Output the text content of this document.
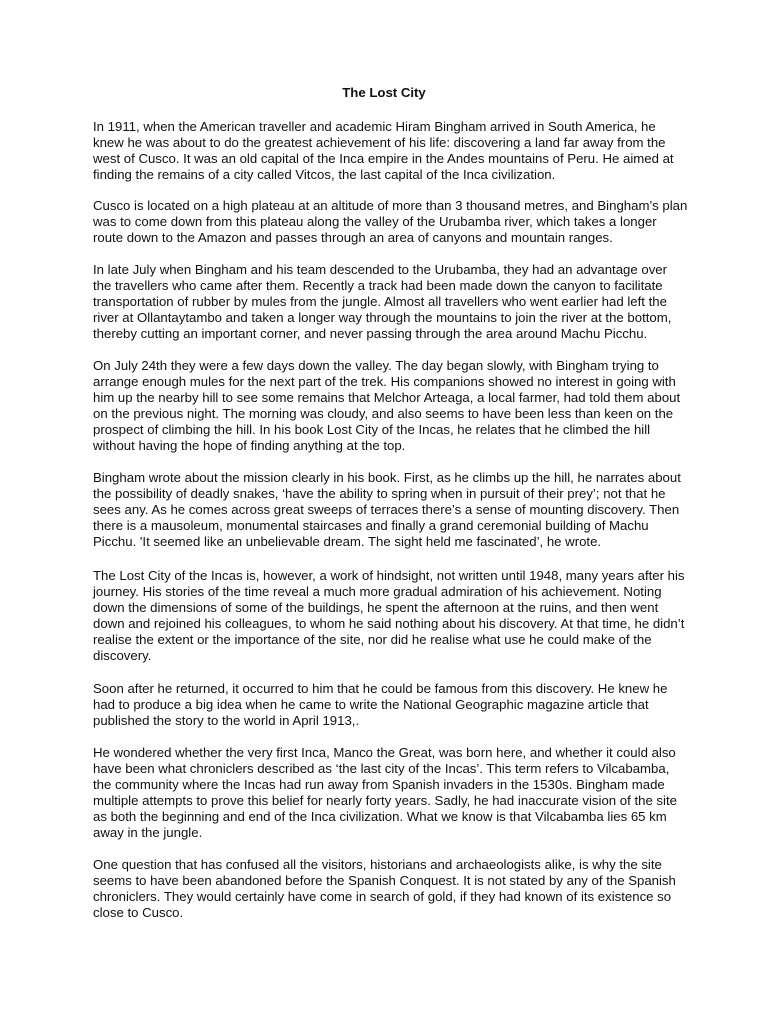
The Lost City

In 1911, when the American traveller and academic Hiram Bingham arrived in South America, he
knew he was about to do the greatest achievement of his life: discovering a land far away from the
west of Cusco. It was an old capital of the Inca empire in the Andes mountains of Peru. He aimed at
finding the remains of a city called Vitcos, the last capital of the Inca civilization.

Cusco is located on a high plateau at an altitude of more than 3 thousand metres, and Bingham’s plan
was to come down from this plateau along the valley of the Urubamba river, which takes a longer
route down to the Amazon and passes through an area of canyons and mountain ranges.

In late July when Bingham and his team descended to the Urubamba, they had an advantage over
the travellers who came after them. Recently a track had been made down the canyon to facilitate
transportation of rubber by mules from the jungle. Almost all travellers who went earlier had left the
river at Ollantaytambo and taken a longer way through the mountains to join the river at the bottom,
thereby cutting an important corner, and never passing through the area around Machu Picchu.

On July 24th they were a few days down the valley. The day began slowly, with Bingham trying to
arrange enough mules for the next part of the trek. His companions showed no interest in going with
him up the nearby hill to see some remains that Melchor Arteaga, a local farmer, had told them about
on the previous night. The morning was cloudy, and also seems to have been less than keen on the
prospect of climbing the hill. In his book Lost City of the Incas, he relates that he climbed the hill
without having the hope of finding anything at the top.

Bingham wrote about the mission clearly in his book. First, as he climbs up the hill, he narrates about
the possibility of deadly snakes, ‘have the ability to spring when in pursuit of their prey’; not that he
sees any. As he comes across great sweeps of terraces there’s a sense of mounting discovery. Then
there is a mausoleum, monumental staircases and finally a grand ceremonial building of Machu
Picchu. 'It seemed like an unbelievable dream. The sight held me fascinated’, he wrote.

The Lost City of the Incas is, however, a work of hindsight, not written until 1948, many years after his
journey. His stories of the time reveal a much more gradual admiration of his achievement. Noting
down the dimensions of some of the buildings, he spent the afternoon at the ruins, and then went
down and rejoined his colleagues, to whom he said nothing about his discovery. At that time, he didn’t
realise the extent or the importance of the site, nor did he realise what use he could make of the
discovery.

Soon after he returned, it occurred to him that he could be famous from this discovery. He knew he
had to produce a big idea when he came to write the National Geographic magazine article that
published the story to the world in April 1913,.

He wondered whether the very first Inca, Manco the Great, was born here, and whether it could also
have been what chroniclers described as ‘the last city of the Incas’. This term refers to Vilcabamba,
the community where the Incas had run away from Spanish invaders in the 1530s. Bingham made
multiple attempts to prove this belief for nearly forty years. Sadly, he had inaccurate vision of the site
as both the beginning and end of the Inca civilization. What we know is that Vilcabamba lies 65 km
away in the jungle.

One question that has confused all the visitors, historians and archaeologists alike, is why the site
seems to have been abandoned before the Spanish Conquest. It is not stated by any of the Spanish
chroniclers. They would certainly have come in search of gold, if they had known of its existence so
close to Cusco.
